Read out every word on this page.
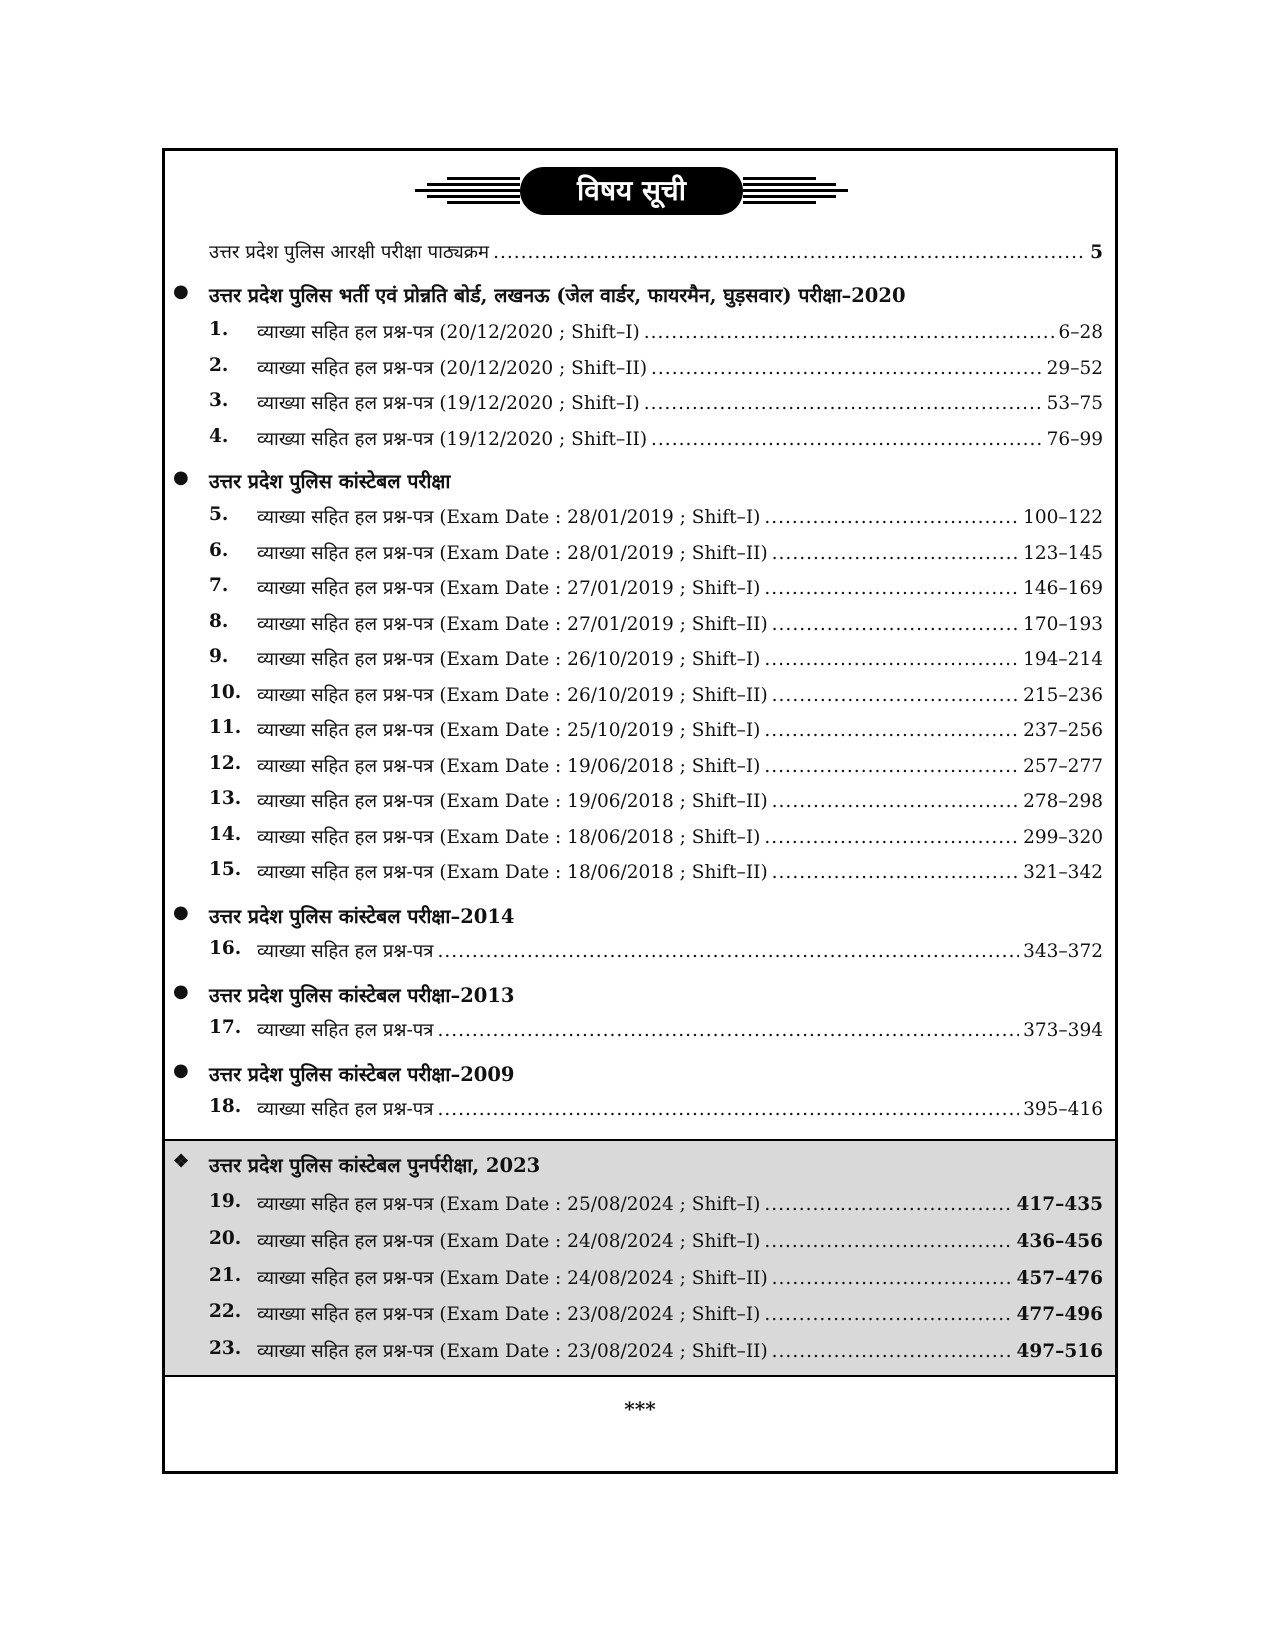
विषय सूची
उत्तर प्रदेश पुलिस आरक्षी परीक्षा पाठ्यक्रम .....	5
● उत्तर प्रदेश पुलिस भर्ती एवं प्रोन्नति बोर्ड, लखनऊ (जेल वार्डर, फायरमैन, घुड़सवार) परीक्षा–2020
1. व्याख्या सहित हल प्रश्न-पत्र (20/12/2020 ; Shift–I) .....	6–28
2. व्याख्या सहित हल प्रश्न-पत्र (20/12/2020 ; Shift–II) .....	29–52
3. व्याख्या सहित हल प्रश्न-पत्र (19/12/2020 ; Shift–I) .....	53–75
4. व्याख्या सहित हल प्रश्न-पत्र (19/12/2020 ; Shift–II) .....	76–99
● उत्तर प्रदेश पुलिस कांस्टेबल परीक्षा
5. व्याख्या सहित हल प्रश्न-पत्र (Exam Date : 28/01/2019 ; Shift–I) .....	100–122
6. व्याख्या सहित हल प्रश्न-पत्र (Exam Date : 28/01/2019 ; Shift–II) .....	123–145
7. व्याख्या सहित हल प्रश्न-पत्र (Exam Date : 27/01/2019 ; Shift–I) .....	146–169
8. व्याख्या सहित हल प्रश्न-पत्र (Exam Date : 27/01/2019 ; Shift–II) .....	170–193
9. व्याख्या सहित हल प्रश्न-पत्र (Exam Date : 26/10/2019 ; Shift–I) .....	194–214
10. व्याख्या सहित हल प्रश्न-पत्र (Exam Date : 26/10/2019 ; Shift–II) .....	215–236
11. व्याख्या सहित हल प्रश्न-पत्र (Exam Date : 25/10/2019 ; Shift–I) .....	237–256
12. व्याख्या सहित हल प्रश्न-पत्र (Exam Date : 19/06/2018 ; Shift–I) .....	257–277
13. व्याख्या सहित हल प्रश्न-पत्र (Exam Date : 19/06/2018 ; Shift–II) .....	278–298
14. व्याख्या सहित हल प्रश्न-पत्र (Exam Date : 18/06/2018 ; Shift–I) .....	299–320
15. व्याख्या सहित हल प्रश्न-पत्र (Exam Date : 18/06/2018 ; Shift–II) .....	321–342
● उत्तर प्रदेश पुलिस कांस्टेबल परीक्षा–2014
16. व्याख्या सहित हल प्रश्न-पत्र .....	343–372
● उत्तर प्रदेश पुलिस कांस्टेबल परीक्षा–2013
17. व्याख्या सहित हल प्रश्न-पत्र .....	373–394
● उत्तर प्रदेश पुलिस कांस्टेबल परीक्षा–2009
18. व्याख्या सहित हल प्रश्न-पत्र .....	395–416
❖ उत्तर प्रदेश पुलिस कांस्टेबल पुनर्परीक्षा, 2023
19. व्याख्या सहित हल प्रश्न-पत्र (Exam Date : 25/08/2024 ; Shift–I) .....	417–435
20. व्याख्या सहित हल प्रश्न-पत्र (Exam Date : 24/08/2024 ; Shift–I) .....	436–456
21. व्याख्या सहित हल प्रश्न-पत्र (Exam Date : 24/08/2024 ; Shift–II) .....	457–476
22. व्याख्या सहित हल प्रश्न-पत्र (Exam Date : 23/08/2024 ; Shift–I) .....	477–496
23. व्याख्या सहित हल प्रश्न-पत्र (Exam Date : 23/08/2024 ; Shift–II) .....	497–516
***
